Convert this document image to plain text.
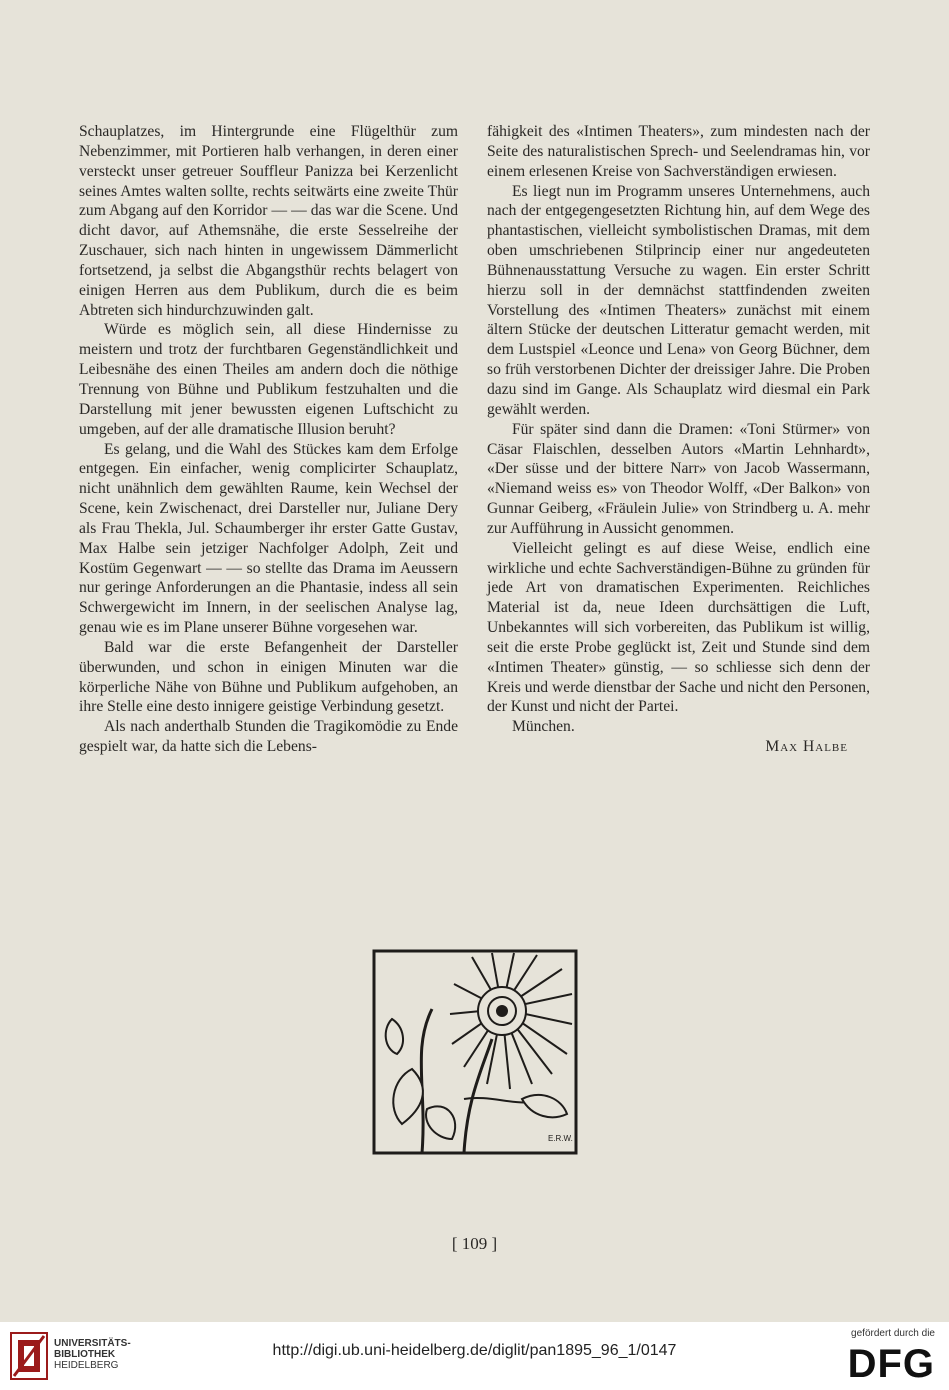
Schauplatzes, im Hintergrunde eine Flügelthür zum Nebenzimmer, mit Portieren halb verhangen, in deren einer versteckt unser getreuer Souffleur Panizza bei Kerzenlicht seines Amtes walten sollte, rechts seitwärts eine zweite Thür zum Abgang auf den Korridor — — das war die Scene. Und dicht davor, auf Athemsnähe, die erste Sesselreihe der Zuschauer, sich nach hinten in ungewissem Dämmerlicht fortsetzend, ja selbst die Abgangsthür rechts belagert von einigen Herren aus dem Publikum, durch die es beim Abtreten sich hindurchzuwinden galt.

Würde es möglich sein, all diese Hindernisse zu meistern und trotz der furchtbaren Gegenständlichkeit und Leibesnähe des einen Theiles am andern doch die nöthige Trennung von Bühne und Publikum festzuhalten und die Darstellung mit jener bewussten eigenen Luftschicht zu umgeben, auf der alle dramatische Illusion beruht?

Es gelang, und die Wahl des Stückes kam dem Erfolge entgegen. Ein einfacher, wenig complicirter Schauplatz, nicht unähnlich dem gewählten Raume, kein Wechsel der Scene, kein Zwischenact, drei Darsteller nur, Juliane Dery als Frau Thekla, Jul. Schaumberger ihr erster Gatte Gustav, Max Halbe sein jetziger Nachfolger Adolph, Zeit und Kostüm Gegenwart — — so stellte das Drama im Aeussern nur geringe Anforderungen an die Phantasie, indess all sein Schwergewicht im Innern, in der seelischen Analyse lag, genau wie es im Plane unserer Bühne vorgesehen war.

Bald war die erste Befangenheit der Darsteller überwunden, und schon in einigen Minuten war die körperliche Nähe von Bühne und Publikum aufgehoben, an ihre Stelle eine desto innigere geistige Verbindung gesetzt.

Als nach anderthalb Stunden die Tragikomödie zu Ende gespielt war, da hatte sich die Lebens-

fähigkeit des «Intimen Theaters», zum mindesten nach der Seite des naturalistischen Sprech- und Seelendramas hin, vor einem erlesenen Kreise von Sachverständigen erwiesen.

Es liegt nun im Programm unseres Unternehmens, auch nach der entgegengesetzten Richtung hin, auf dem Wege des phantastischen, vielleicht symbolistischen Dramas, mit dem oben umschriebenen Stilprincip einer nur angedeuteten Bühnenausstattung Versuche zu wagen. Ein erster Schritt hierzu soll in der demnächst stattfindenden zweiten Vorstellung des «Intimen Theaters» zunächst mit einem ältern Stücke der deutschen Litteratur gemacht werden, mit dem Lustspiel «Leonce und Lena» von Georg Büchner, dem so früh verstorbenen Dichter der dreissiger Jahre. Die Proben dazu sind im Gange. Als Schauplatz wird diesmal ein Park gewählt werden.

Für später sind dann die Dramen: «Toni Stürmer» von Cäsar Flaischlen, desselben Autors «Martin Lehnhardt», «Der süsse und der bittere Narr» von Jacob Wassermann, «Niemand weiss es» von Theodor Wolff, «Der Balkon» von Gunnar Geiberg, «Fräulein Julie» von Strindberg u. A. mehr zur Aufführung in Aussicht genommen.

Vielleicht gelingt es auf diese Weise, endlich eine wirkliche und echte Sachverständigen-Bühne zu gründen für jede Art von dramatischen Experimenten. Reichliches Material ist da, neue Ideen durchsättigen die Luft, Unbekanntes will sich vorbereiten, das Publikum ist willig, seit die erste Probe geglückt ist, Zeit und Stunde sind dem «Intimen Theater» günstig, — so schliesse sich denn der Kreis und werde dienstbar der Sache und nicht den Personen, der Kunst und nicht der Partei.

München.

Max Halbe
E.R.W.
[ 109 ]
UNIVERSITÄTS-
BIBLIOTHEK
HEIDELBERG
http://digi.ub.uni-heidelberg.de/diglit/pan1895_96_1/0147
gefördert durch die
DFG
